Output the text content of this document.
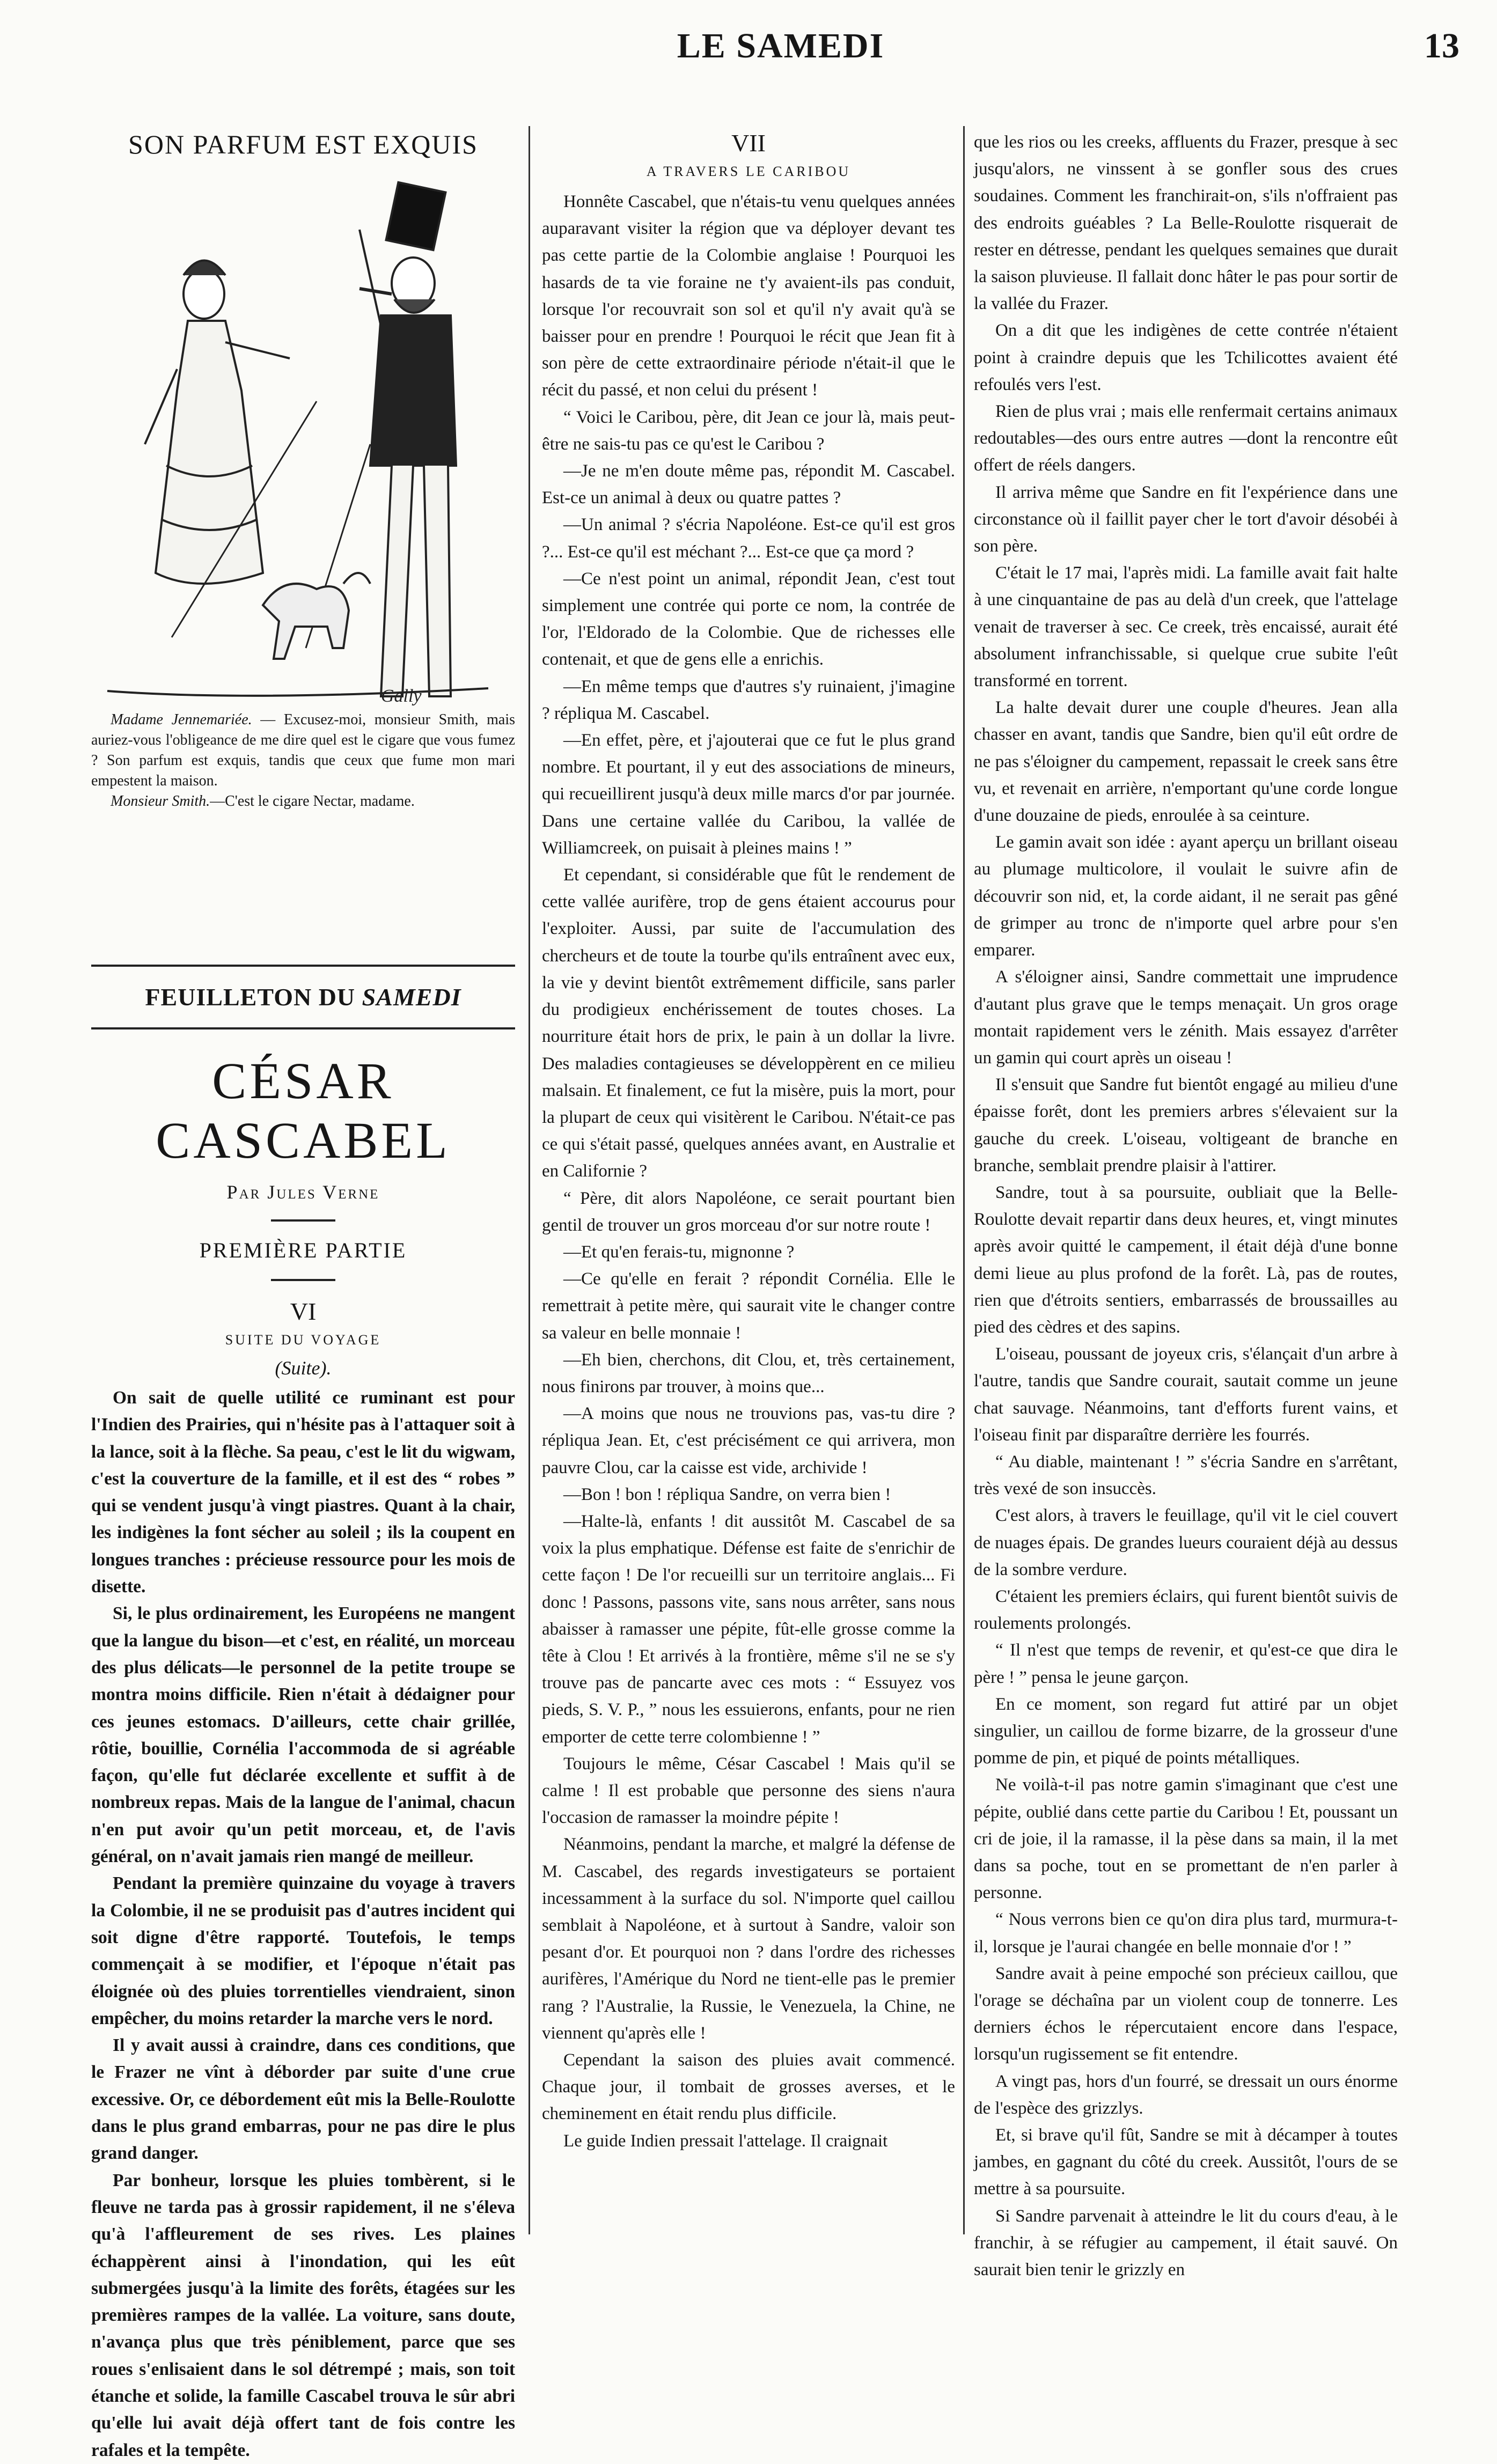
LE SAMEDI	13
SON PARFUM EST EXQUIS
Gally

Madame Jennemariée. — Excusez-moi, monsieur Smith, mais auriez-vous l'obligeance de me dire quel est le cigare que vous fumez ? Son parfum est exquis, tandis que ceux que fume mon mari empestent la maison.

Monsieur Smith.—C'est le cigare Nectar, madame.

FEUILLETON DU SAMEDI
CÉSAR CASCABEL
Par Jules Verne
PREMIÈRE PARTIE
VI
SUITE DU VOYAGE
(Suite).

On sait de quelle utilité ce ruminant est pour l'Indien des Prairies, qui n'hésite pas à l'attaquer soit à la lance, soit à la flèche. Sa peau, c'est le lit du wigwam, c'est la couverture de la famille, et il est des “ robes ” qui se vendent jusqu'à vingt piastres. Quant à la chair, les indigènes la font sécher au soleil ; ils la coupent en longues tranches : précieuse ressource pour les mois de disette.

Si, le plus ordinairement, les Européens ne mangent que la langue du bison—et c'est, en réalité, un morceau des plus délicats—le personnel de la petite troupe se montra moins difficile. Rien n'était à dédaigner pour ces jeunes estomacs. D'ailleurs, cette chair grillée, rôtie, bouillie, Cornélia l'accommoda de si agréable façon, qu'elle fut déclarée excellente et suffit à de nombreux repas. Mais de la langue de l'animal, chacun n'en put avoir qu'un petit morceau, et, de l'avis général, on n'avait jamais rien mangé de meilleur.

Pendant la première quinzaine du voyage à travers la Colombie, il ne se produisit pas d'autres incident qui soit digne d'être rapporté. Toutefois, le temps commençait à se modifier, et l'époque n'était pas éloignée où des pluies torrentielles viendraient, sinon empêcher, du moins retarder la marche vers le nord.

Il y avait aussi à craindre, dans ces conditions, que le Frazer ne vînt à déborder par suite d'une crue excessive. Or, ce débordement eût mis la Belle-Roulotte dans le plus grand embarras, pour ne pas dire le plus grand danger.

Par bonheur, lorsque les pluies tombèrent, si le fleuve ne tarda pas à grossir rapidement, il ne s'éleva qu'à l'affleurement de ses rives. Les plaines échappèrent ainsi à l'inondation, qui les eût submergées jusqu'à la limite des forêts, étagées sur les premières rampes de la vallée. La voiture, sans doute, n'avança plus que très péniblement, parce que ses roues s'enlisaient dans le sol détrempé ; mais, son toit étanche et solide, la famille Cascabel trouva le sûr abri qu'elle lui avait déjà offert tant de fois contre les rafales et la tempête.

VII
A TRAVERS LE CARIBOU

Honnête Cascabel, que n'étais-tu venu quelques années auparavant visiter la région que va déployer devant tes pas cette partie de la Colombie anglaise ! Pourquoi les hasards de ta vie foraine ne t'y avaient-ils pas conduit, lorsque l'or recouvrait son sol et qu'il n'y avait qu'à se baisser pour en prendre ! Pourquoi le récit que Jean fit à son père de cette extraordinaire période n'était-il que le récit du passé, et non celui du présent !

“ Voici le Caribou, père, dit Jean ce jour là, mais peut-être ne sais-tu pas ce qu'est le Caribou ?

—Je ne m'en doute même pas, répondit M. Cascabel. Est-ce un animal à deux ou quatre pattes ?

—Un animal ? s'écria Napoléone. Est-ce qu'il est gros ?... Est-ce qu'il est méchant ?... Est-ce que ça mord ?

—Ce n'est point un animal, répondit Jean, c'est tout simplement une contrée qui porte ce nom, la contrée de l'or, l'Eldorado de la Colombie. Que de richesses elle contenait, et que de gens elle a enrichis.

—En même temps que d'autres s'y ruinaient, j'imagine ? répliqua M. Cascabel.

—En effet, père, et j'ajouterai que ce fut le plus grand nombre. Et pourtant, il y eut des associations de mineurs, qui recueillirent jusqu'à deux mille marcs d'or par journée. Dans une certaine vallée du Caribou, la vallée de Williamcreek, on puisait à pleines mains ! ”

Et cependant, si considérable que fût le rendement de cette vallée aurifère, trop de gens étaient accourus pour l'exploiter. Aussi, par suite de l'accumulation des chercheurs et de toute la tourbe qu'ils entraînent avec eux, la vie y devint bientôt extrêmement difficile, sans parler du prodigieux enchérissement de toutes choses. La nourriture était hors de prix, le pain à un dollar la livre. Des maladies contagieuses se développèrent en ce milieu malsain. Et finalement, ce fut la misère, puis la mort, pour la plupart de ceux qui visitèrent le Caribou. N'était-ce pas ce qui s'était passé, quelques années avant, en Australie et en Californie ?

“ Père, dit alors Napoléone, ce serait pourtant bien gentil de trouver un gros morceau d'or sur notre route !

—Et qu'en ferais-tu, mignonne ?

—Ce qu'elle en ferait ? répondit Cornélia. Elle le remettrait à petite mère, qui saurait vite le changer contre sa valeur en belle monnaie !

—Eh bien, cherchons, dit Clou, et, très certainement, nous finirons par trouver, à moins que...

—A moins que nous ne trouvions pas, vas-tu dire ? répliqua Jean. Et, c'est précisément ce qui arrivera, mon pauvre Clou, car la caisse est vide, archivide !

—Bon ! bon ! répliqua Sandre, on verra bien !

—Halte-là, enfants ! dit aussitôt M. Cascabel de sa voix la plus emphatique. Défense est faite de s'enrichir de cette façon ! De l'or recueilli sur un territoire anglais... Fi donc ! Passons, passons vite, sans nous arrêter, sans nous abaisser à ramasser une pépite, fût-elle grosse comme la tête à Clou ! Et arrivés à la frontière, même s'il ne se s'y trouve pas de pancarte avec ces mots : “ Essuyez vos pieds, S. V. P., ” nous les essuierons, enfants, pour ne rien emporter de cette terre colombienne ! ”

Toujours le même, César Cascabel ! Mais qu'il se calme ! Il est probable que personne des siens n'aura l'occasion de ramasser la moindre pépite !

Néanmoins, pendant la marche, et malgré la défense de M. Cascabel, des regards investigateurs se portaient incessamment à la surface du sol. N'importe quel caillou semblait à Napoléone, et à surtout à Sandre, valoir son pesant d'or. Et pourquoi non ? dans l'ordre des richesses aurifères, l'Amérique du Nord ne tient-elle pas le premier rang ? l'Australie, la Russie, le Venezuela, la Chine, ne viennent qu'après elle !

Cependant la saison des pluies avait commencé. Chaque jour, il tombait de grosses averses, et le cheminement en était rendu plus difficile.

Le guide Indien pressait l'attelage. Il craignait

que les rios ou les creeks, affluents du Frazer, presque à sec jusqu'alors, ne vinssent à se gonfler sous des crues soudaines. Comment les franchirait-on, s'ils n'offraient pas des endroits guéables ? La Belle-Roulotte risquerait de rester en détresse, pendant les quelques semaines que durait la saison pluvieuse. Il fallait donc hâter le pas pour sortir de la vallée du Frazer.

On a dit que les indigènes de cette contrée n'étaient point à craindre depuis que les Tchilicottes avaient été refoulés vers l'est.

Rien de plus vrai ; mais elle renfermait certains animaux redoutables—des ours entre autres —dont la rencontre eût offert de réels dangers.

Il arriva même que Sandre en fit l'expérience dans une circonstance où il faillit payer cher le tort d'avoir désobéi à son père.

C'était le 17 mai, l'après midi. La famille avait fait halte à une cinquantaine de pas au delà d'un creek, que l'attelage venait de traverser à sec. Ce creek, très encaissé, aurait été absolument infranchissable, si quelque crue subite l'eût transformé en torrent.

La halte devait durer une couple d'heures. Jean alla chasser en avant, tandis que Sandre, bien qu'il eût ordre de ne pas s'éloigner du campement, repassait le creek sans être vu, et revenait en arrière, n'emportant qu'une corde longue d'une douzaine de pieds, enroulée à sa ceinture.

Le gamin avait son idée : ayant aperçu un brillant oiseau au plumage multicolore, il voulait le suivre afin de découvrir son nid, et, la corde aidant, il ne serait pas gêné de grimper au tronc de n'importe quel arbre pour s'en emparer.

A s'éloigner ainsi, Sandre commettait une imprudence d'autant plus grave que le temps menaçait. Un gros orage montait rapidement vers le zénith. Mais essayez d'arrêter un gamin qui court après un oiseau !

Il s'ensuit que Sandre fut bientôt engagé au milieu d'une épaisse forêt, dont les premiers arbres s'élevaient sur la gauche du creek. L'oiseau, voltigeant de branche en branche, semblait prendre plaisir à l'attirer.

Sandre, tout à sa poursuite, oubliait que la Belle-Roulotte devait repartir dans deux heures, et, vingt minutes après avoir quitté le campement, il était déjà d'une bonne demi lieue au plus profond de la forêt. Là, pas de routes, rien que d'étroits sentiers, embarrassés de broussailles au pied des cèdres et des sapins.

L'oiseau, poussant de joyeux cris, s'élançait d'un arbre à l'autre, tandis que Sandre courait, sautait comme un jeune chat sauvage. Néanmoins, tant d'efforts furent vains, et l'oiseau finit par disparaître derrière les fourrés.

“ Au diable, maintenant ! ” s'écria Sandre en s'arrêtant, très vexé de son insuccès.

C'est alors, à travers le feuillage, qu'il vit le ciel couvert de nuages épais. De grandes lueurs couraient déjà au dessus de la sombre verdure.

C'étaient les premiers éclairs, qui furent bientôt suivis de roulements prolongés.

“ Il n'est que temps de revenir, et qu'est-ce que dira le père ! ” pensa le jeune garçon.

En ce moment, son regard fut attiré par un objet singulier, un caillou de forme bizarre, de la grosseur d'une pomme de pin, et piqué de points métalliques.

Ne voilà-t-il pas notre gamin s'imaginant que c'est une pépite, oublié dans cette partie du Caribou ! Et, poussant un cri de joie, il la ramasse, il la pèse dans sa main, il la met dans sa poche, tout en se promettant de n'en parler à personne.

“ Nous verrons bien ce qu'on dira plus tard, murmura-t-il, lorsque je l'aurai changée en belle monnaie d'or ! ”

Sandre avait à peine empoché son précieux caillou, que l'orage se déchaîna par un violent coup de tonnerre. Les derniers échos le répercutaient encore dans l'espace, lorsqu'un rugissement se fit entendre.

A vingt pas, hors d'un fourré, se dressait un ours énorme de l'espèce des grizzlys.

Et, si brave qu'il fût, Sandre se mit à décamper à toutes jambes, en gagnant du côté du creek. Aussitôt, l'ours de se mettre à sa poursuite.

Si Sandre parvenait à atteindre le lit du cours d'eau, à le franchir, à se réfugier au campement, il était sauvé. On saurait bien tenir le grizzly en
